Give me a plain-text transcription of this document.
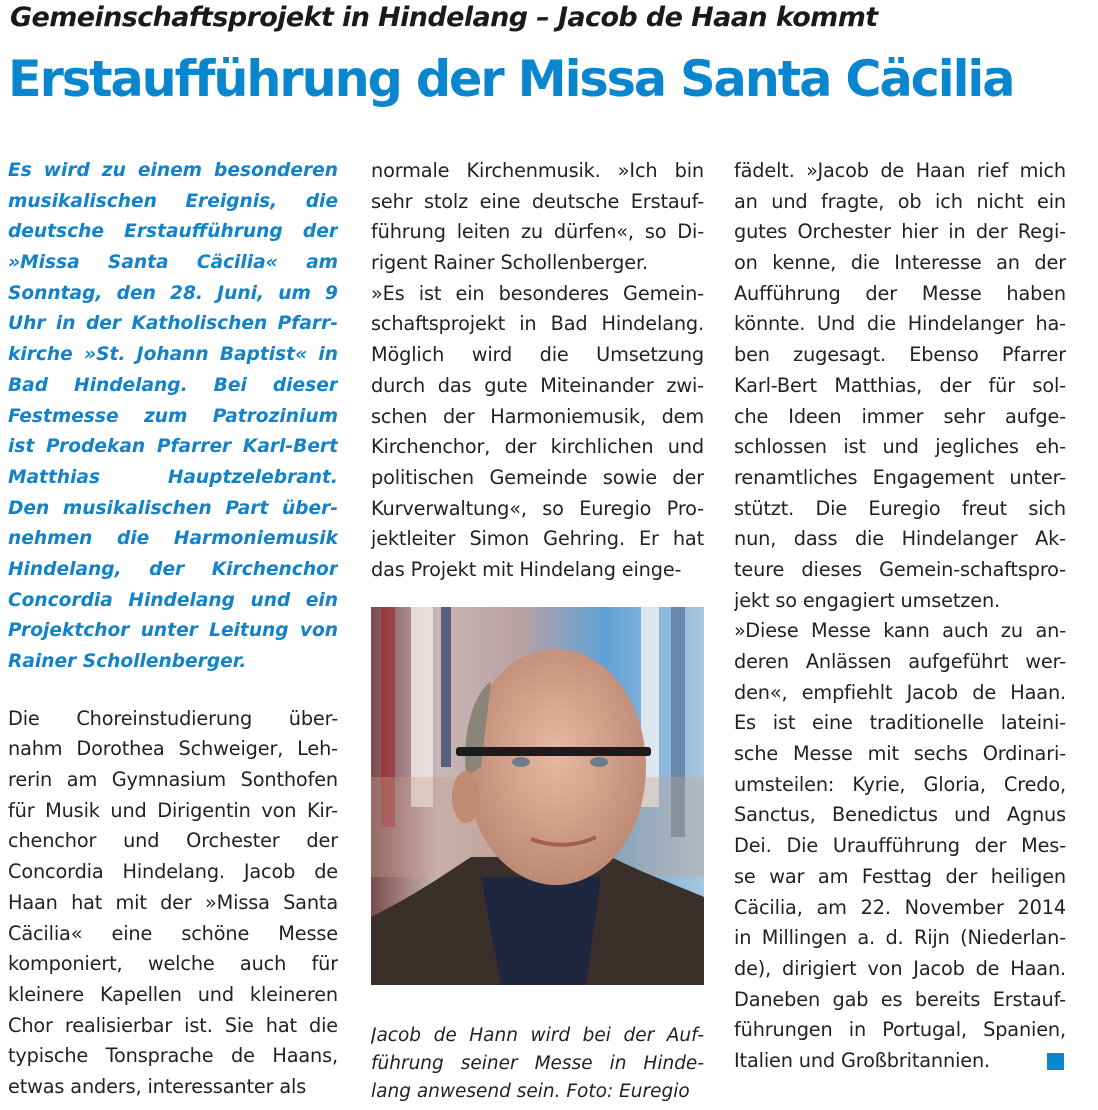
Gemeinschaftsprojekt in Hindelang – Jacob de Haan kommt
Erstaufführung der Missa Santa Cäcilia
Es wird zu einem besonderen
musikalischen Ereignis, die
deutsche Erstaufführung der
»Missa Santa Cäcilia« am
Sonntag, den 28. Juni, um 9
Uhr in der Katholischen Pfarr-
kirche »St. Johann Baptist« in
Bad Hindelang. Bei dieser
Festmesse zum Patrozinium
ist Prodekan Pfarrer Karl-Bert
Matthias Hauptzelebrant.
Den musikalischen Part über-
nehmen die Harmoniemusik
Hindelang, der Kirchenchor
Concordia Hindelang und ein
Projektchor unter Leitung von
Rainer Schollenberger.
Die Choreinstudierung über-
nahm Dorothea Schweiger, Leh-
rerin am Gymnasium Sonthofen
für Musik und Dirigentin von Kir-
chenchor und Orchester der
Concordia Hindelang. Jacob de
Haan hat mit der »Missa Santa
Cäcilia« eine schöne Messe
komponiert, welche auch für
kleinere Kapellen und kleineren
Chor realisierbar ist. Sie hat die
typische Tonsprache de Haans,
etwas anders, interessanter als
normale Kirchenmusik. »Ich bin
sehr stolz eine deutsche Erstauf-
führung leiten zu dürfen«, so Di-
rigent Rainer Schollenberger.
»Es ist ein besonderes Gemein-
schaftsprojekt in Bad Hindelang.
Möglich wird die Umsetzung
durch das gute Miteinander zwi-
schen der Harmoniemusik, dem
Kirchenchor, der kirchlichen und
politischen Gemeinde sowie der
Kurverwaltung«, so Euregio Pro-
jektleiter Simon Gehring. Er hat
das Projekt mit Hindelang einge-
Jacob de Hann wird bei der Auf-
führung seiner Messe in Hinde-
lang anwesend sein. Foto: Euregio
fädelt. »Jacob de Haan rief mich
an und fragte, ob ich nicht ein
gutes Orchester hier in der Regi-
on kenne, die Interesse an der
Aufführung der Messe haben
könnte. Und die Hindelanger ha-
ben zugesagt. Ebenso Pfarrer
Karl-Bert Matthias, der für sol-
che Ideen immer sehr aufge-
schlossen ist und jegliches eh-
renamtliches Engagement unter-
stützt. Die Euregio freut sich
nun, dass die Hindelanger Ak-
teure dieses Gemein-schaftspro-
jekt so engagiert umsetzen.
»Diese Messe kann auch zu an-
deren Anlässen aufgeführt wer-
den«, empfiehlt Jacob de Haan.
Es ist eine traditionelle lateini-
sche Messe mit sechs Ordinari-
umsteilen: Kyrie, Gloria, Credo,
Sanctus, Benedictus und Agnus
Dei. Die Uraufführung der Mes-
se war am Festtag der heiligen
Cäcilia, am 22. November 2014
in Millingen a. d. Rijn (Niederlan-
de), dirigiert von Jacob de Haan.
Daneben gab es bereits Erstauf-
führungen in Portugal, Spanien,
Italien und Großbritannien.
